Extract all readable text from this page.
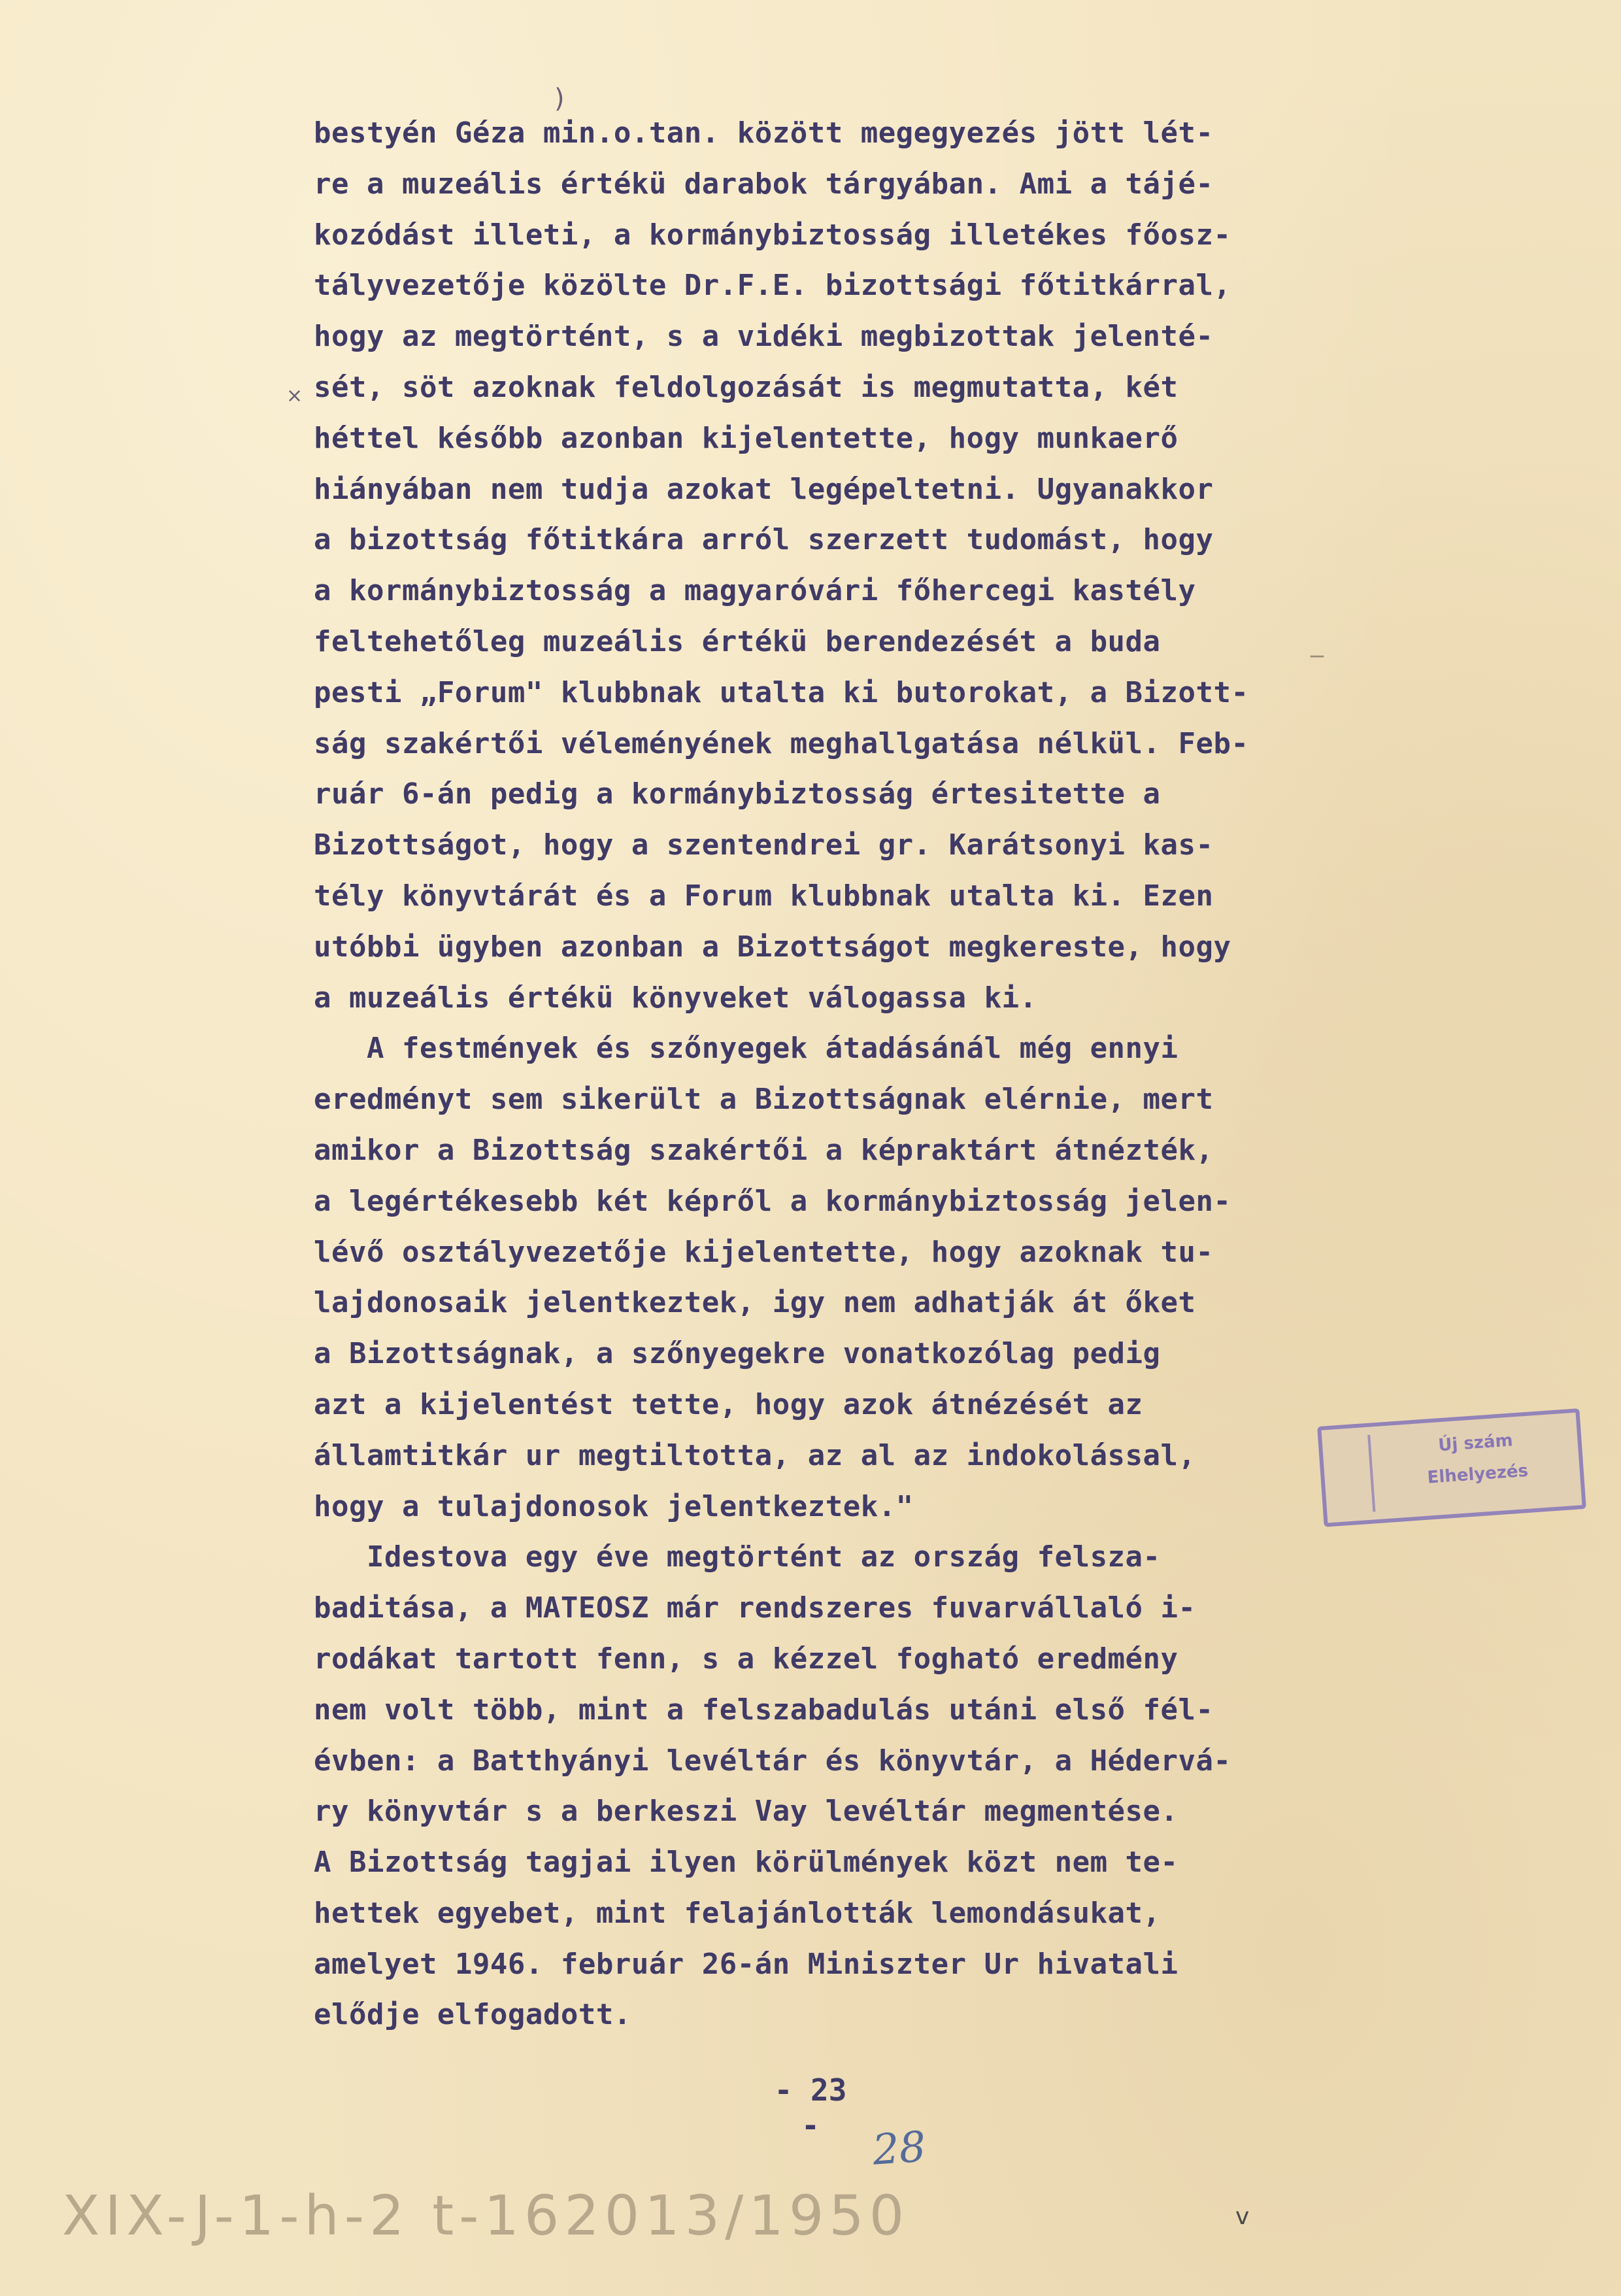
)
×
_
v
bestyén Géza min.o.tan. között megegyezés jött lét-
re a muzeális értékü darabok tárgyában. Ami a tájé-
kozódást illeti, a kormánybiztosság illetékes főosz-
tályvezetője közölte Dr.F.E. bizottsági főtitkárral,
hogy az megtörtént, s a vidéki megbizottak jelenté-
sét, söt azoknak feldolgozását is megmutatta, két
héttel később azonban kijelentette, hogy munkaerő
hiányában nem tudja azokat legépeltetni. Ugyanakkor
a bizottság főtitkára arról szerzett tudomást, hogy
a kormánybiztosság a magyaróvári főhercegi kastély
feltehetőleg muzeális értékü berendezését a buda
pesti „Forum" klubbnak utalta ki butorokat, a Bizott-
ság szakértői véleményének meghallgatása nélkül. Feb-
ruár 6-án pedig a kormánybiztosság értesitette a
Bizottságot, hogy a szentendrei gr. Karátsonyi kas-
tély könyvtárát és a Forum klubbnak utalta ki. Ezen
utóbbi ügyben azonban a Bizottságot megkereste, hogy
a muzeális értékü könyveket válogassa ki.
A festmények és szőnyegek átadásánál még ennyi
eredményt sem sikerült a Bizottságnak elérnie, mert
amikor a Bizottság szakértői a képraktárt átnézték,
a legértékesebb két képről a kormánybiztosság jelen-
lévő osztályvezetője kijelentette, hogy azoknak tu-
lajdonosaik jelentkeztek, igy nem adhatják át őket
a Bizottságnak, a szőnyegekre vonatkozólag pedig
azt a kijelentést tette, hogy azok átnézését az
államtitkár ur megtiltotta, az al az indokolással,
hogy a tulajdonosok jelentkeztek."
Idestova egy éve megtörtént az ország felsza-
baditása, a MATEOSZ már rendszeres fuvarvállaló i-
rodákat tartott fenn, s a kézzel fogható eredmény
nem volt több, mint a felszabadulás utáni első fél-
évben: a Batthyányi levéltár és könyvtár, a Hédervá-
ry könyvtár s a berkeszi Vay levéltár megmentése.
A Bizottság tagjai ilyen körülmények közt nem te-
hettek egyebet, mint felajánlották lemondásukat,
amelyet 1946. február 26-án Miniszter Ur hivatali
elődje elfogadott.
Új szám
Elhelyezés
- 23 -	28
XIX-J-1-h-2 t-162013/1950
